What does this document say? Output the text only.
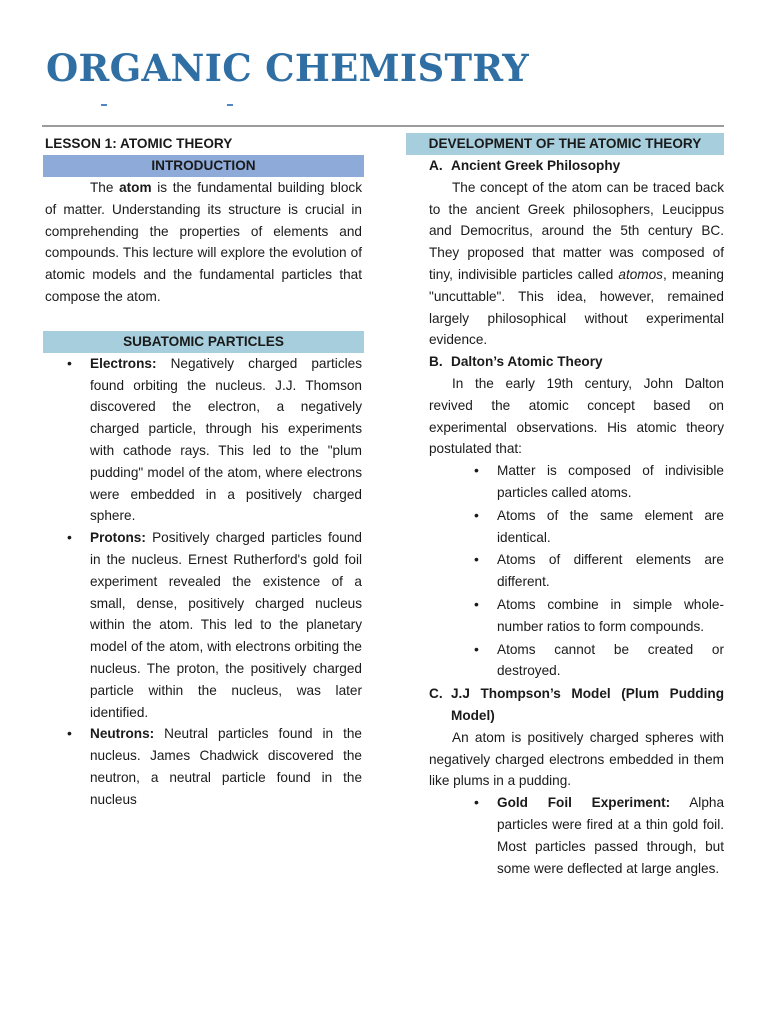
ORGANIC CHEMISTRY
LESSON 1: ATOMIC THEORY
INTRODUCTION

The atom is the fundamental building block of matter. Understanding its structure is crucial in comprehending the properties of elements and compounds. This lecture will explore the evolution of atomic models and the fundamental particles that compose the atom.

SUBATOMIC PARTICLES
• Electrons: Negatively charged particles found orbiting the nucleus. J.J. Thomson discovered the electron, a negatively charged particle, through his experiments with cathode rays. This led to the "plum pudding" model of the atom, where electrons were embedded in a positively charged sphere.
• Protons: Positively charged particles found in the nucleus. Ernest Rutherford's gold foil experiment revealed the existence of a small, dense, positively charged nucleus within the atom. This led to the planetary model of the atom, with electrons orbiting the nucleus. The proton, the positively charged particle within the nucleus, was later identified.
• Neutrons: Neutral particles found in the nucleus. James Chadwick discovered the neutron, a neutral particle found in the nucleus
DEVELOPMENT OF THE ATOMIC THEORY
A. Ancient Greek Philosophy

The concept of the atom can be traced back to the ancient Greek philosophers, Leucippus and Democritus, around the 5th century BC. They proposed that matter was composed of tiny, indivisible particles called atomos, meaning "uncuttable". This idea, however, remained largely philosophical without experimental evidence.

B. Dalton’s Atomic Theory

In the early 19th century, John Dalton revived the atomic concept based on experimental observations. His atomic theory postulated that:

• Matter is composed of indivisible particles called atoms.
• Atoms of the same element are identical.
• Atoms of different elements are different.
• Atoms combine in simple whole-number ratios to form compounds.
• Atoms cannot be created or destroyed.
C. J.J Thompson’s Model (Plum Pudding Model)

An atom is positively charged spheres with negatively charged electrons embedded in them like plums in a pudding.

• Gold Foil Experiment: Alpha particles were fired at a thin gold foil. Most particles passed through, but some were deflected at large angles.
